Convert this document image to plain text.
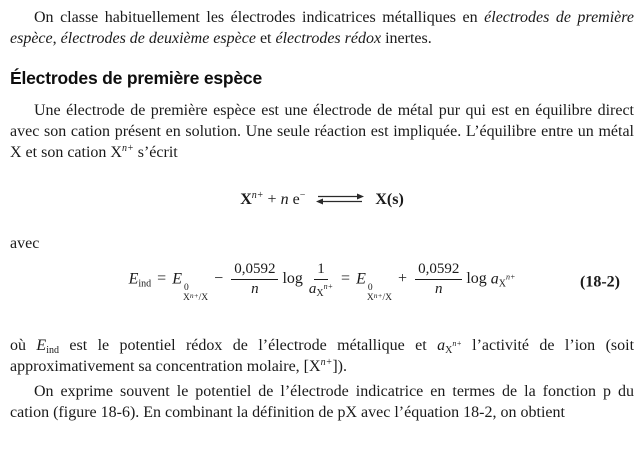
On classe habituellement les électrodes indicatrices métalliques en électrodes de première espèce, électrodes de deuxième espèce et électrodes rédox inertes.

Électrodes de première espèce

Une électrode de première espèce est une électrode de métal pur qui est en équilibre direct avec son cation présent en solution. Une seule réaction est impliquée. L’équilibre entre un métal X et son cation $X^{n+}$ s’écrit

$X^{n+} + n$ e− ⇌ X(s)

avec

$E_{ind} = E$
0
$X^{n+}/X$
− $\frac{0,0592}{n}$ $\log \frac{1}{a_X^{n+}} = E$
0
$X^{n+}/X$
+ $\frac{0,0592}{n}$ $\log a_X^{n+}$	(18-2)

où $E_{ind}$ est le potentiel rédox de l’électrode métallique et $a_X^{n+}$ l’activité de l’ion (soit approximativement sa concentration molaire, $[X^{n+}]$).

On exprime souvent le potentiel de l’électrode indicatrice en termes de la fonction p du cation (figure 18-6). En combinant la définition de pX avec l’équation 18-2, on obtient
